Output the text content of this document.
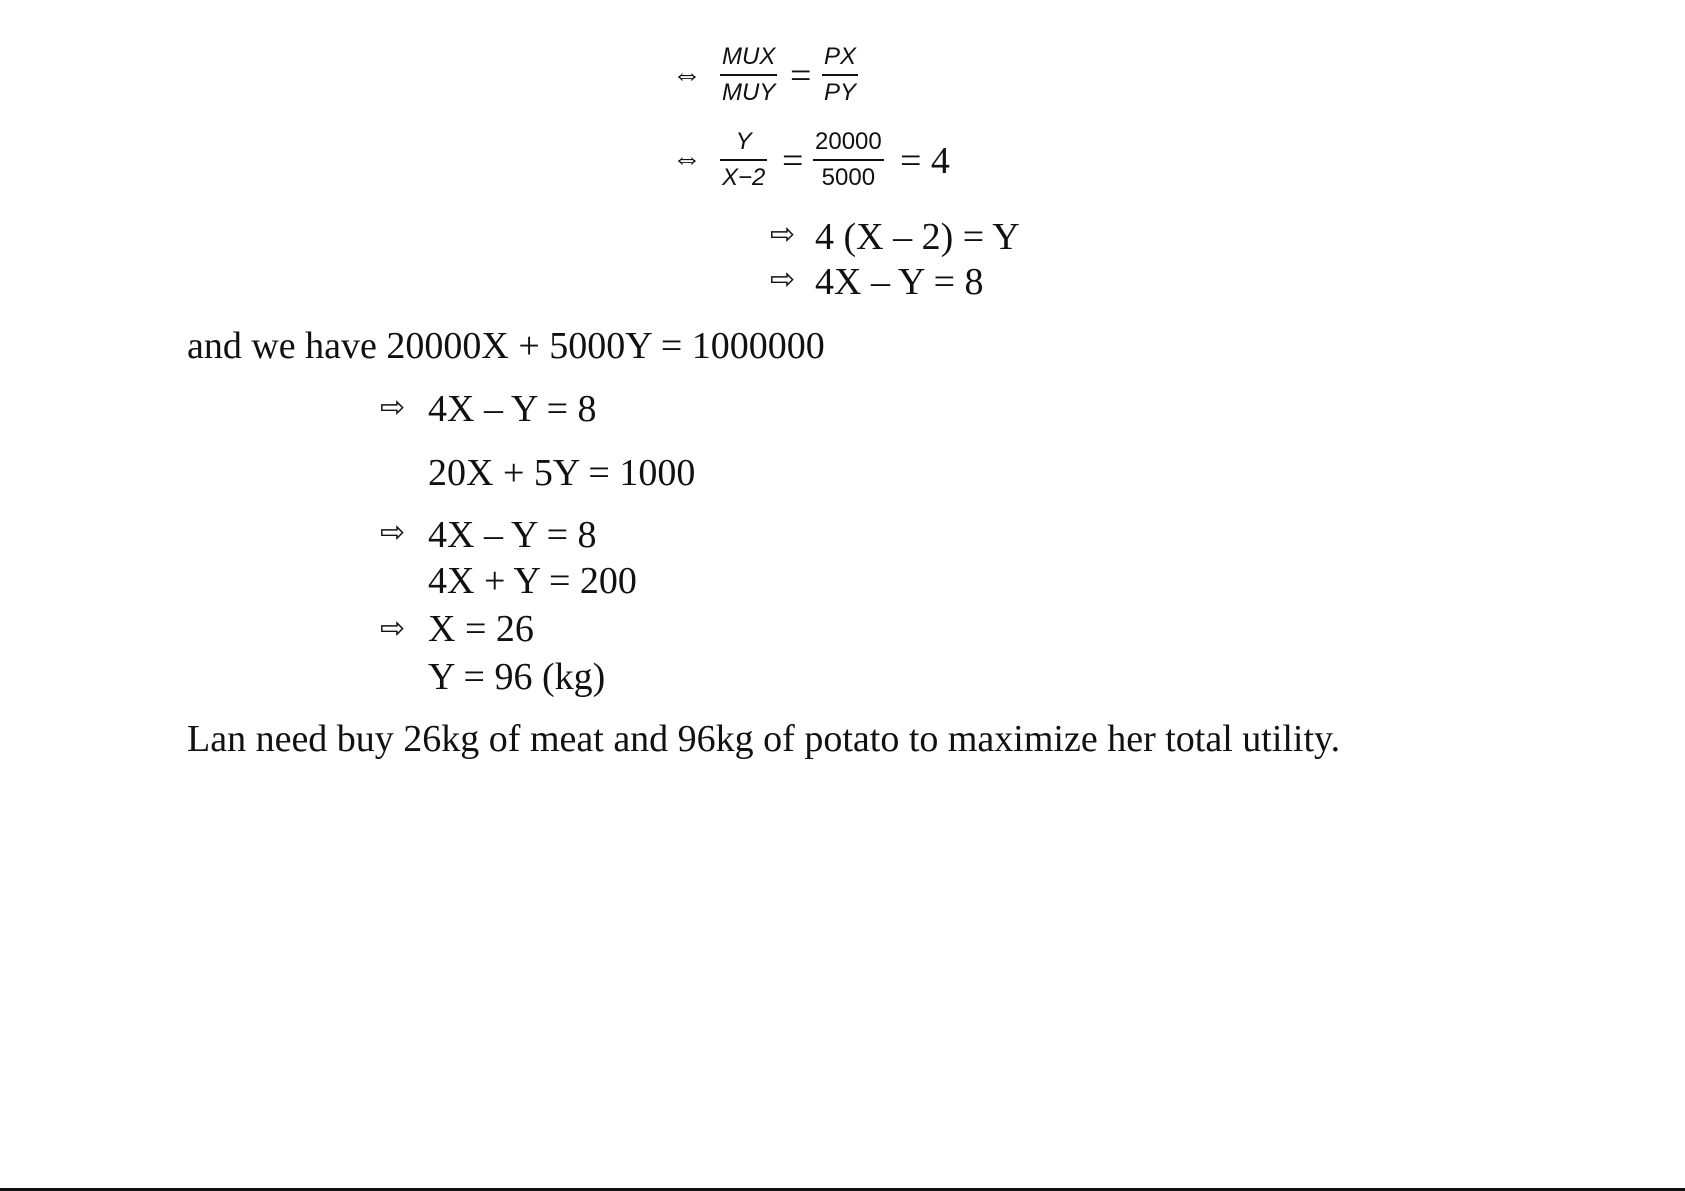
⇔
MUX
MUY = PX
PY
⇔
Y
X−2 = 20000
5000 = 4
⇨ 4 (X – 2) = Y
⇨ 4X – Y = 8
and we have 20000X + 5000Y = 1000000
⇨ 4X – Y = 8
20X + 5Y = 1000
⇨ 4X – Y = 8
4X + Y = 200
⇨ X = 26
Y = 96 (kg)
Lan need buy 26kg of meat and 96kg of potato to maximize her total utility.
